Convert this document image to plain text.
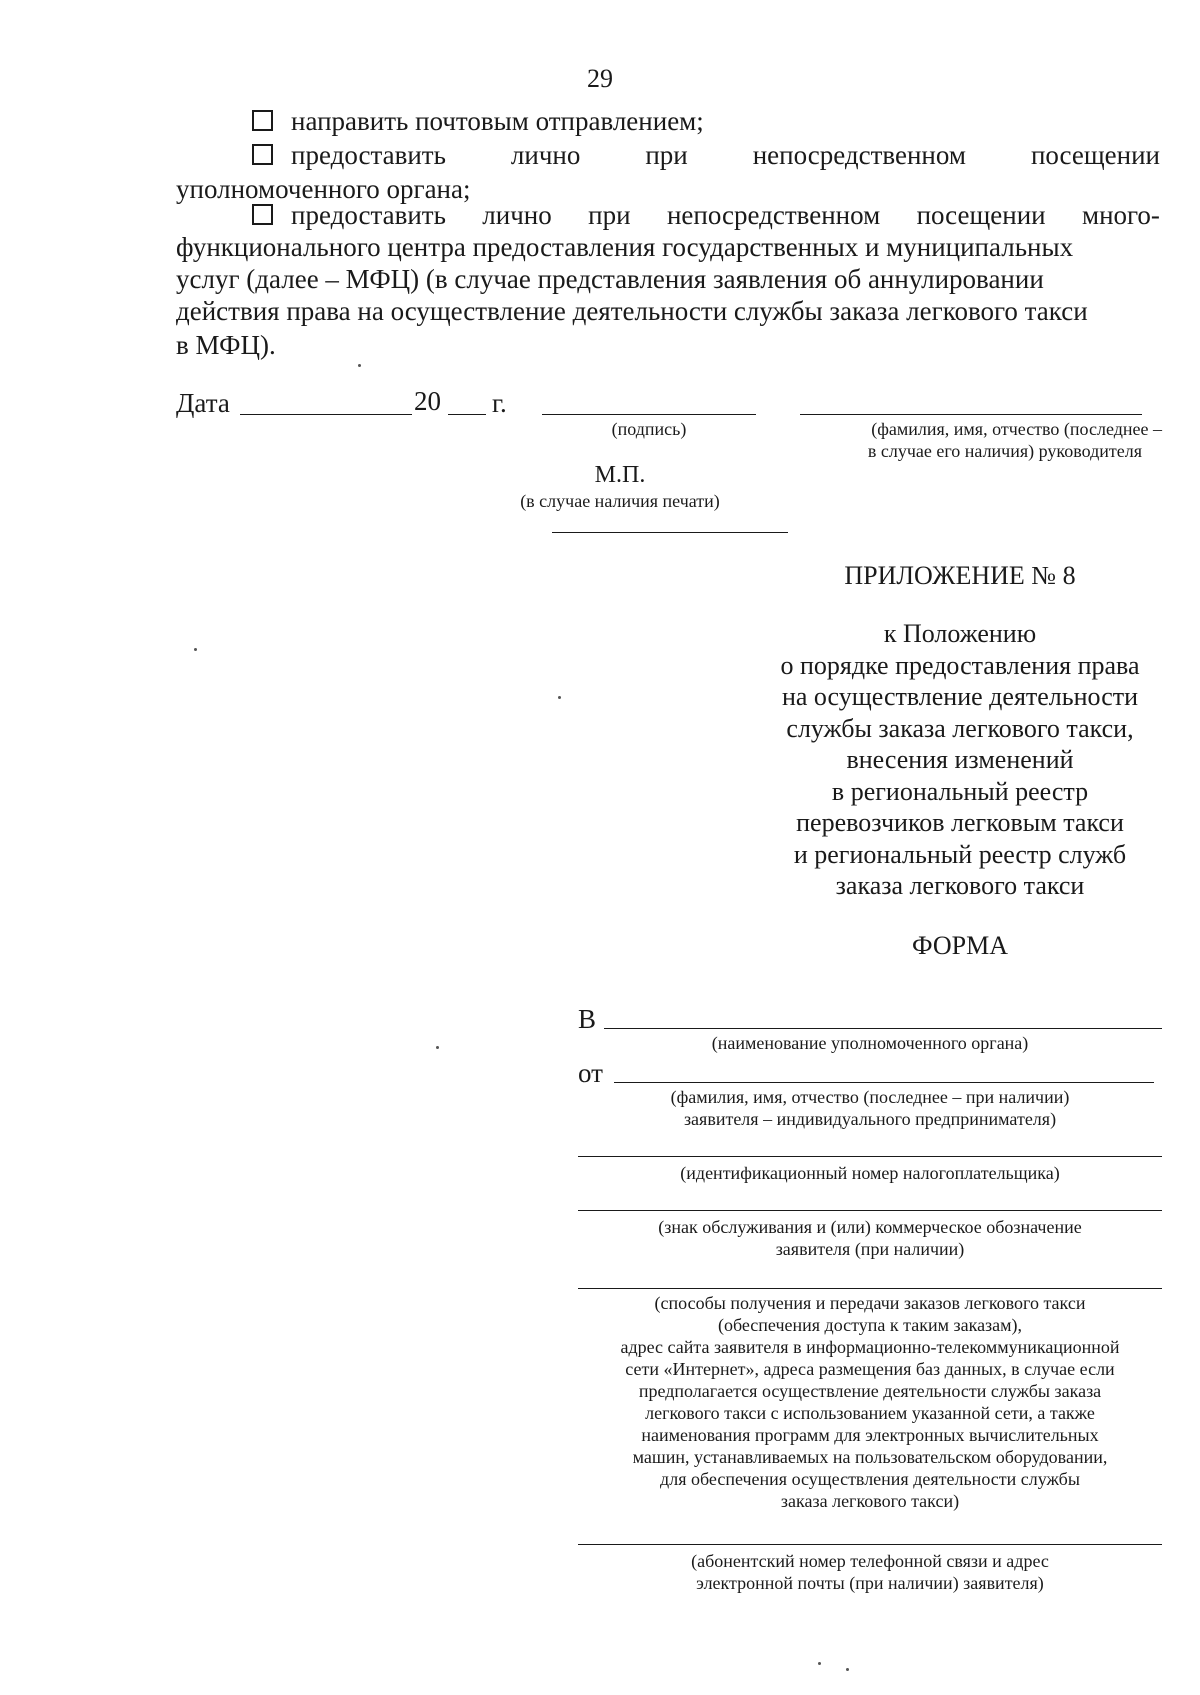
29
направить почтовым отправлением;
предоставить лично при непосредственном посещении
уполномоченного органа;
предоставить лично при непосредственном посещении много-
функционального центра предоставления государственных и муниципальных
услуг (далее – МФЦ) (в случае представления заявления об аннулировании
действия права на осуществление деятельности службы заказа легкового такси
в МФЦ).
Дата	20 г.
(подпись)	(фамилия, имя, отчество (последнее –
в случае его наличия) руководителя
М.П.
(в случае наличия печати)
ПРИЛОЖЕНИЕ № 8
к Положению
о порядке предоставления права
на осуществление деятельности
службы заказа легкового такси,
внесения изменений
в региональный реестр
перевозчиков легковым такси
и региональный реестр служб
заказа легкового такси
ФОРМА
В
(наименование уполномоченного органа)
от
(фамилия, имя, отчество (последнее – при наличии)
заявителя – индивидуального предпринимателя)
(идентификационный номер налогоплательщика)
(знак обслуживания и (или) коммерческое обозначение
заявителя (при наличии)
(способы получения и передачи заказов легкового такси
(обеспечения доступа к таким заказам),
адрес сайта заявителя в информационно-телекоммуникационной
сети «Интернет», адреса размещения баз данных, в случае если
предполагается осуществление деятельности службы заказа
легкового такси с использованием указанной сети, а также
наименования программ для электронных вычислительных
машин, устанавливаемых на пользовательском оборудовании,
для обеспечения осуществления деятельности службы
заказа легкового такси)
(абонентский номер телефонной связи и адрес
электронной почты (при наличии) заявителя)
